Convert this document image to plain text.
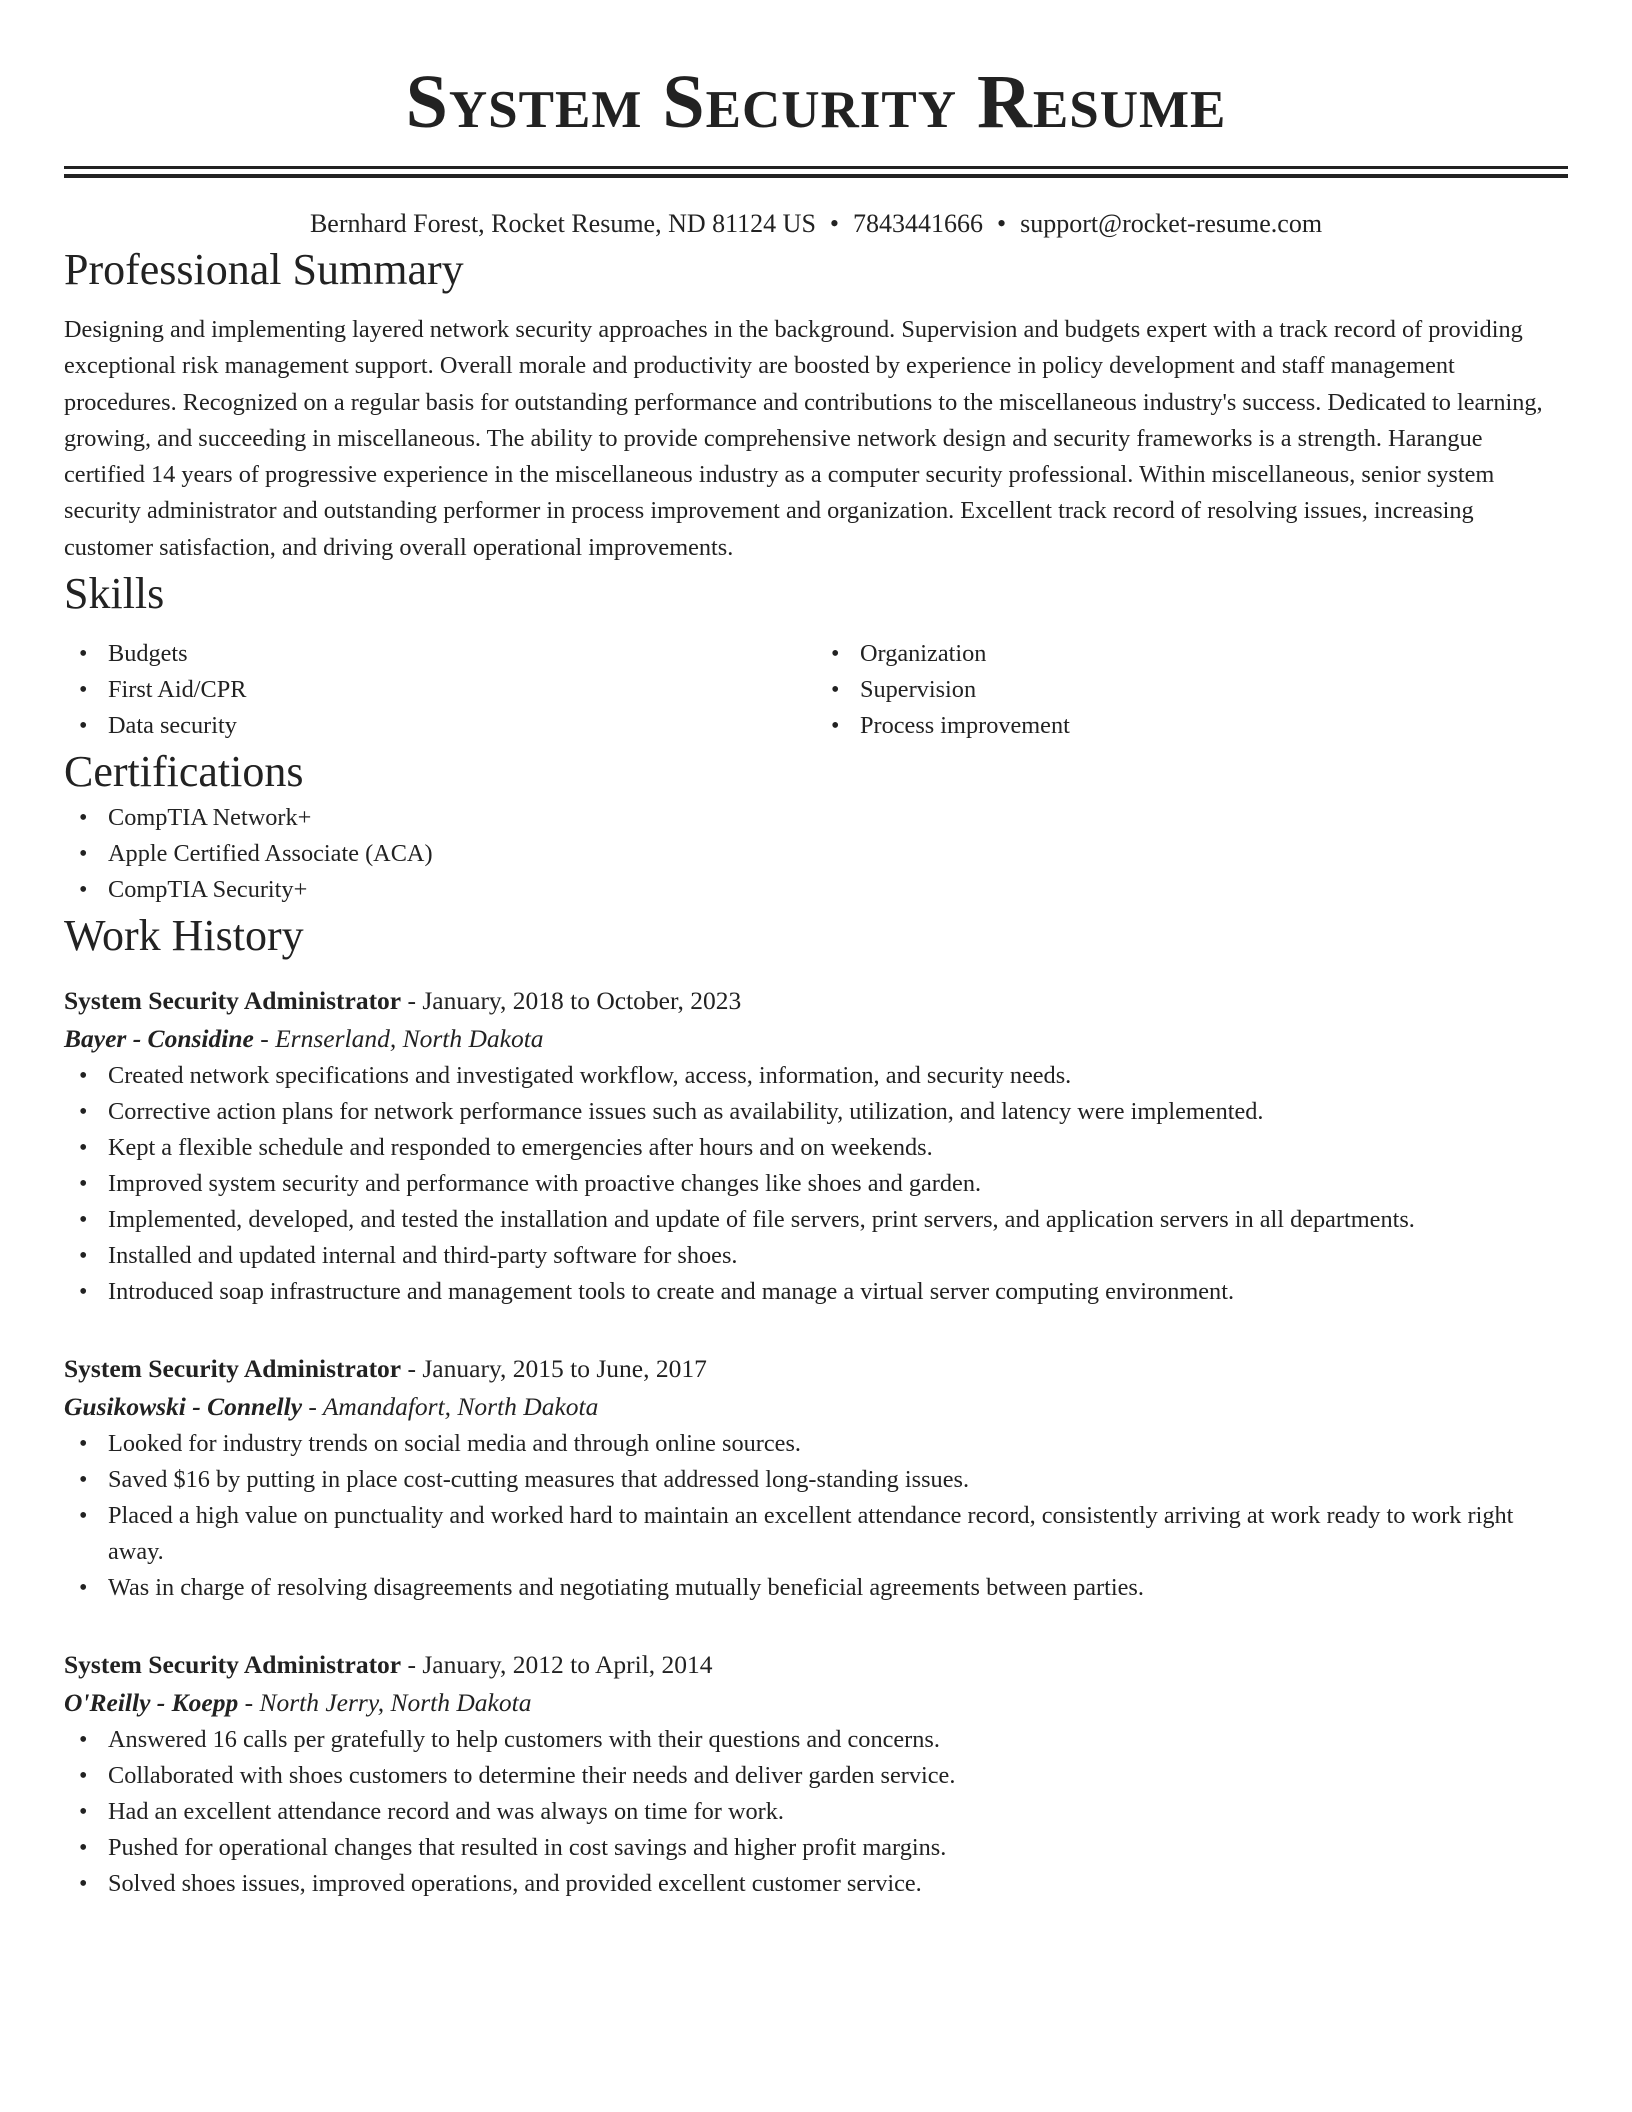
System Security Resume
Bernhard Forest, Rocket Resume, ND 81124 US • 7843441666 • support@rocket-resume.com
Professional Summary

Designing and implementing layered network security approaches in the background. Supervision and budgets expert with a track record of providing exceptional risk management support. Overall morale and productivity are boosted by experience in policy development and staff management procedures. Recognized on a regular basis for outstanding performance and contributions to the miscellaneous industry's success. Dedicated to learning, growing, and succeeding in miscellaneous. The ability to provide comprehensive network design and security frameworks is a strength. Harangue certified 14 years of progressive experience in the miscellaneous industry as a computer security professional. Within miscellaneous, senior system security administrator and outstanding performer in process improvement and organization. Excellent track record of resolving issues, increasing customer satisfaction, and driving overall operational improvements.

Skills
• Budgets
• First Aid/CPR
• Data security
• Organization
• Supervision
• Process improvement
Certifications
• CompTIA Network+
• Apple Certified Associate (ACA)
• CompTIA Security+
Work History
System Security Administrator - January, 2018 to October, 2023
Bayer - Considine - Ernserland, North Dakota
• Created network specifications and investigated workflow, access, information, and security needs.
• Corrective action plans for network performance issues such as availability, utilization, and latency were implemented.
• Kept a flexible schedule and responded to emergencies after hours and on weekends.
• Improved system security and performance with proactive changes like shoes and garden.
• Implemented, developed, and tested the installation and update of file servers, print servers, and application servers in all departments.
• Installed and updated internal and third-party software for shoes.
• Introduced soap infrastructure and management tools to create and manage a virtual server computing environment.
System Security Administrator - January, 2015 to June, 2017
Gusikowski - Connelly - Amandafort, North Dakota
• Looked for industry trends on social media and through online sources.
• Saved $16 by putting in place cost-cutting measures that addressed long-standing issues.
• Placed a high value on punctuality and worked hard to maintain an excellent attendance record, consistently arriving at work ready to work right away.
• Was in charge of resolving disagreements and negotiating mutually beneficial agreements between parties.
System Security Administrator - January, 2012 to April, 2014
O'Reilly - Koepp - North Jerry, North Dakota
• Answered 16 calls per gratefully to help customers with their questions and concerns.
• Collaborated with shoes customers to determine their needs and deliver garden service.
• Had an excellent attendance record and was always on time for work.
• Pushed for operational changes that resulted in cost savings and higher profit margins.
• Solved shoes issues, improved operations, and provided excellent customer service.
